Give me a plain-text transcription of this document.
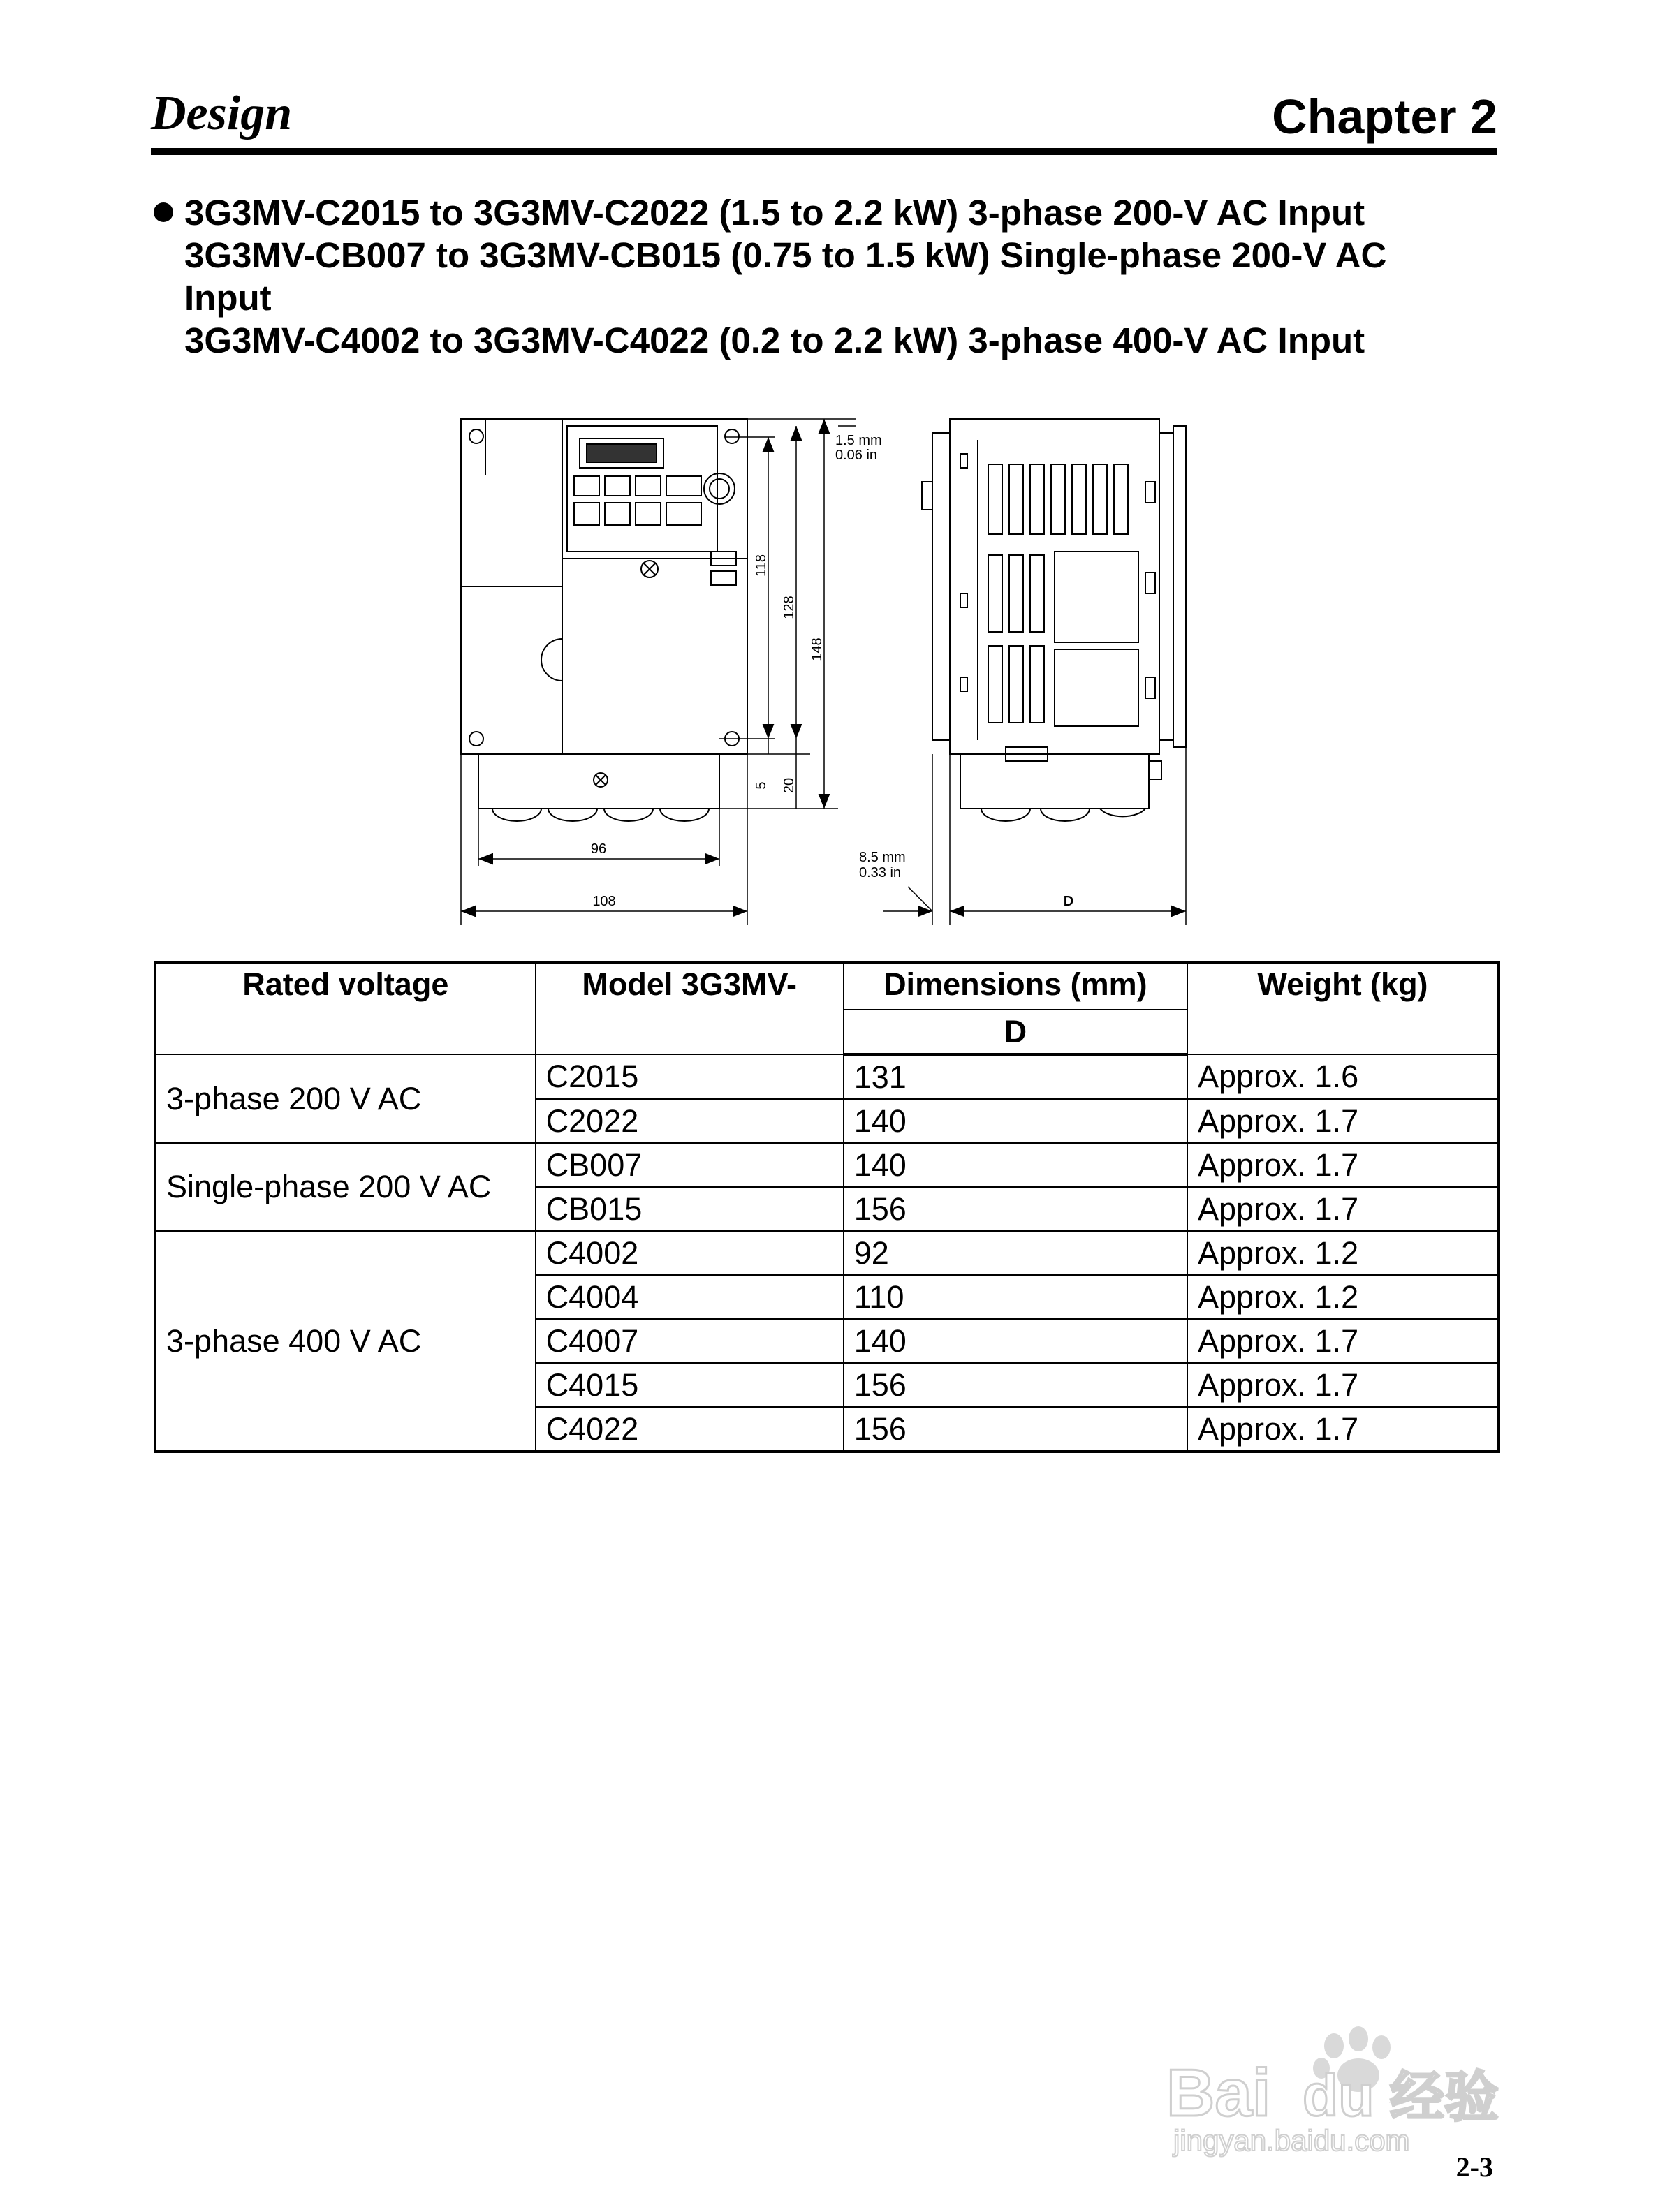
Design	Chapter 2
3G3MV-C2015 to 3G3MV-C2022 (1.5 to 2.2 kW) 3-phase 200-V AC Input
3G3MV-CB007 to 3G3MV-CB015 (0.75 to 1.5 kW) Single-phase 200-V AC
Input
3G3MV-C4002 to 3G3MV-C4022 (0.2 to 2.2 kW) 3-phase 400-V AC Input
1.5 mm
0.06 in
118
128
148
5 20
96
108
8.5 mm
0.33 in
D
Rated voltage	Model 3G3MV-	Dimensions (mm)	Weight (kg)
		D	
3-phase 200 V AC	C2015	131	Approx. 1.6
	C2022	140	Approx. 1.7
Single-phase 200 V AC	CB007	140	Approx. 1.7
	CB015	156	Approx. 1.7
3-phase 400 V AC	C4002	92	Approx. 1.2
	C4004	110	Approx. 1.2
	C4007	140	Approx. 1.7
	C4015	156	Approx. 1.7
	C4022	156	Approx. 1.7
Bai du 经验
jingyan.baidu.com
2-3
